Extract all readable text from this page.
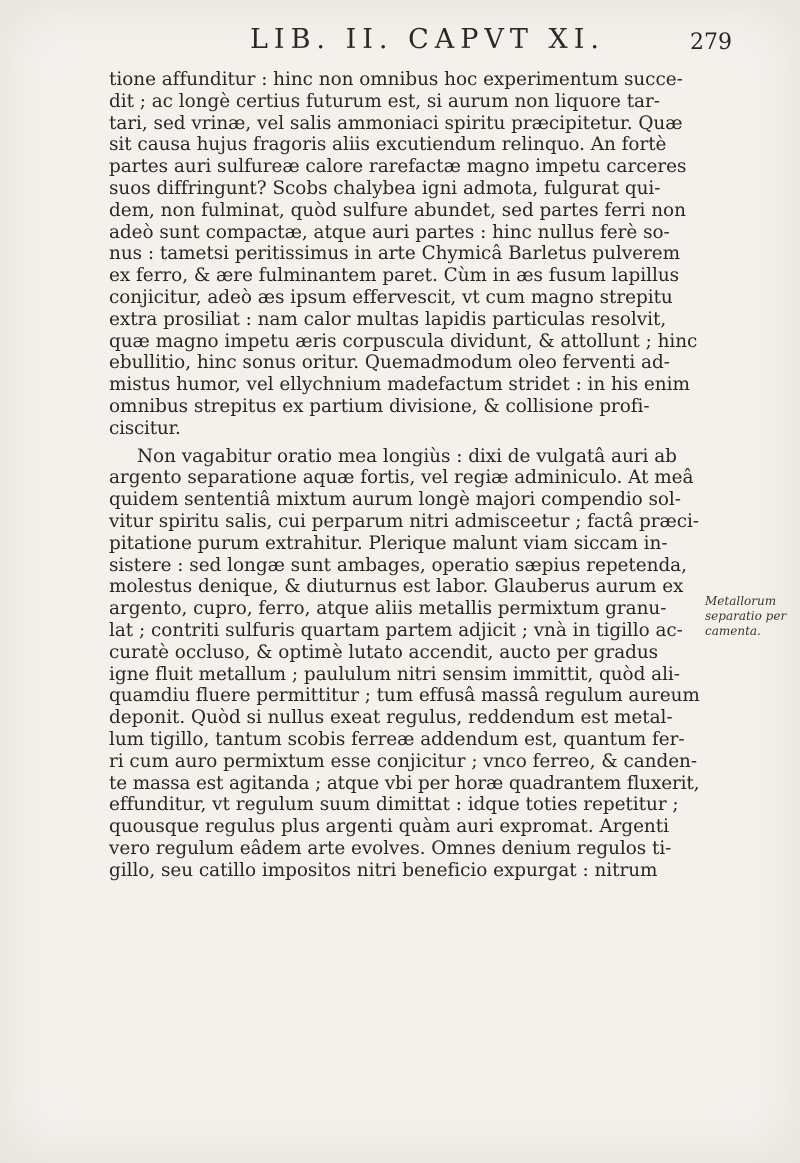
LIB. II. CAPVT XI.	279
tione affunditur : hinc non omnibus hoc experimentum succe-
dit ; ac longè certius futurum est, si aurum non liquore tar-
tari, sed vrinæ, vel salis ammoniaci spiritu præcipitetur. Quæ
sit causa hujus fragoris aliis excutiendum relinquo. An fortè
partes auri sulfureæ calore rarefactæ magno impetu carceres
suos diffringunt? Scobs chalybea igni admota, fulgurat qui-
dem, non fulminat, quòd sulfure abundet, sed partes ferri non
adeò sunt compactæ, atque auri partes : hinc nullus ferè so-
nus : tametsi peritissimus in arte Chymicâ Barletus pulverem
ex ferro, & ære fulminantem paret. Cùm in æs fusum lapillus
conjicitur, adeò æs ipsum effervescit, vt cum magno strepitu
extra prosiliat : nam calor multas lapidis particulas resolvit,
quæ magno impetu æris corpuscula dividunt, & attollunt ; hinc
ebullitio, hinc sonus oritur. Quemadmodum oleo ferventi ad-
mistus humor, vel ellychnium madefactum stridet : in his enim
omnibus strepitus ex partium divisione, & collisione profi-
ciscitur.
Non vagabitur oratio mea longiùs : dixi de vulgatâ auri ab
argento separatione aquæ fortis, vel regiæ adminiculo. At meâ
quidem sententiâ mixtum aurum longè majori compendio sol-
vitur spiritu salis, cui perparum nitri admisceetur ; factâ præci-
pitatione purum extrahitur. Plerique malunt viam siccam in-
sistere : sed longæ sunt ambages, operatio sæpius repetenda,
molestus denique, & diuturnus est labor. Glauberus aurum ex
argento, cupro, ferro, atque aliis metallis permixtum granu-
lat ; contriti sulfuris quartam partem adjicit ; vnà in tigillo ac-
curatè occluso, & optimè lutato accendit, aucto per gradus
igne fluit metallum ; paululum nitri sensim immittit, quòd ali-
quamdiu fluere permittitur ; tum effusâ massâ regulum aureum
deponit. Quòd si nullus exeat regulus, reddendum est metal-
lum tigillo, tantum scobis ferreæ addendum est, quantum fer-
ri cum auro permixtum esse conjicitur ; vnco ferreo, & canden-
te massa est agitanda ; atque vbi per horæ quadrantem fluxerit,
effunditur, vt regulum suum dimittat : idque toties repetitur ;
quousque regulus plus argenti quàm auri expromat. Argenti
vero regulum eâdem arte evolves. Omnes denium regulos ti-
gillo, seu catillo impositos nitri beneficio expurgat : nitrum
Metallorum
separatio per
camenta.
